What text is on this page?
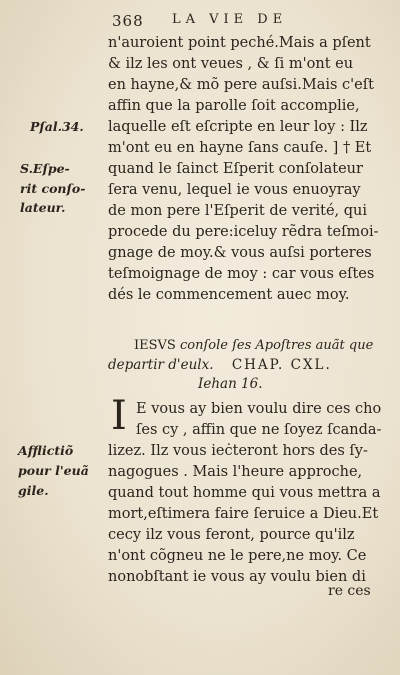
368 LA VIE DE
n'auroient point peché.Mais a pſent
& ilz les ont veues , & ſi m'ont eu
en hayne,& mõ pere auſsi.Mais c'eſt
affin que la parolle ſoit accomplie,
laquelle eſt eſcripte en leur loy : Ilz
m'ont eu en hayne ſans cauſe. ] † Et
quand le ſainct Eſperit conſolateur
ſera venu, lequel ie vous enuoyray
de mon pere l'Eſperit de verité, qui
procede du pere:iceluy rẽdra teſmoi-
gnage de moy.& vous auſsi porteres
teſmoignage de moy : car vous eſtes
dés le commencement auec moy.
Pſal.34.
S.Eſpe-
rit conſo-
lateur.
IESVS conſole ſes Apoſtres auãt que
departir d'eulx. CHAP. CXL.
Iehan 16.
I E vous ay bien voulu dire ces cho
ſes cy , affin que ne ſoyez ſcanda-
lizez. Ilz vous ieċteront hors des ſy-
nagogues . Mais l'heure approche,
quand tout homme qui vous mettra a
mort,eſtimera faire ſeruice a Dieu.Et
cecy ilz vous feront, pource qu'ilz
n'ont cõgneu ne le pere,ne moy. Ce
nonobſtant ie vous ay voulu bien di
Afflictiõ
pour l'euã
gile.
re ces
